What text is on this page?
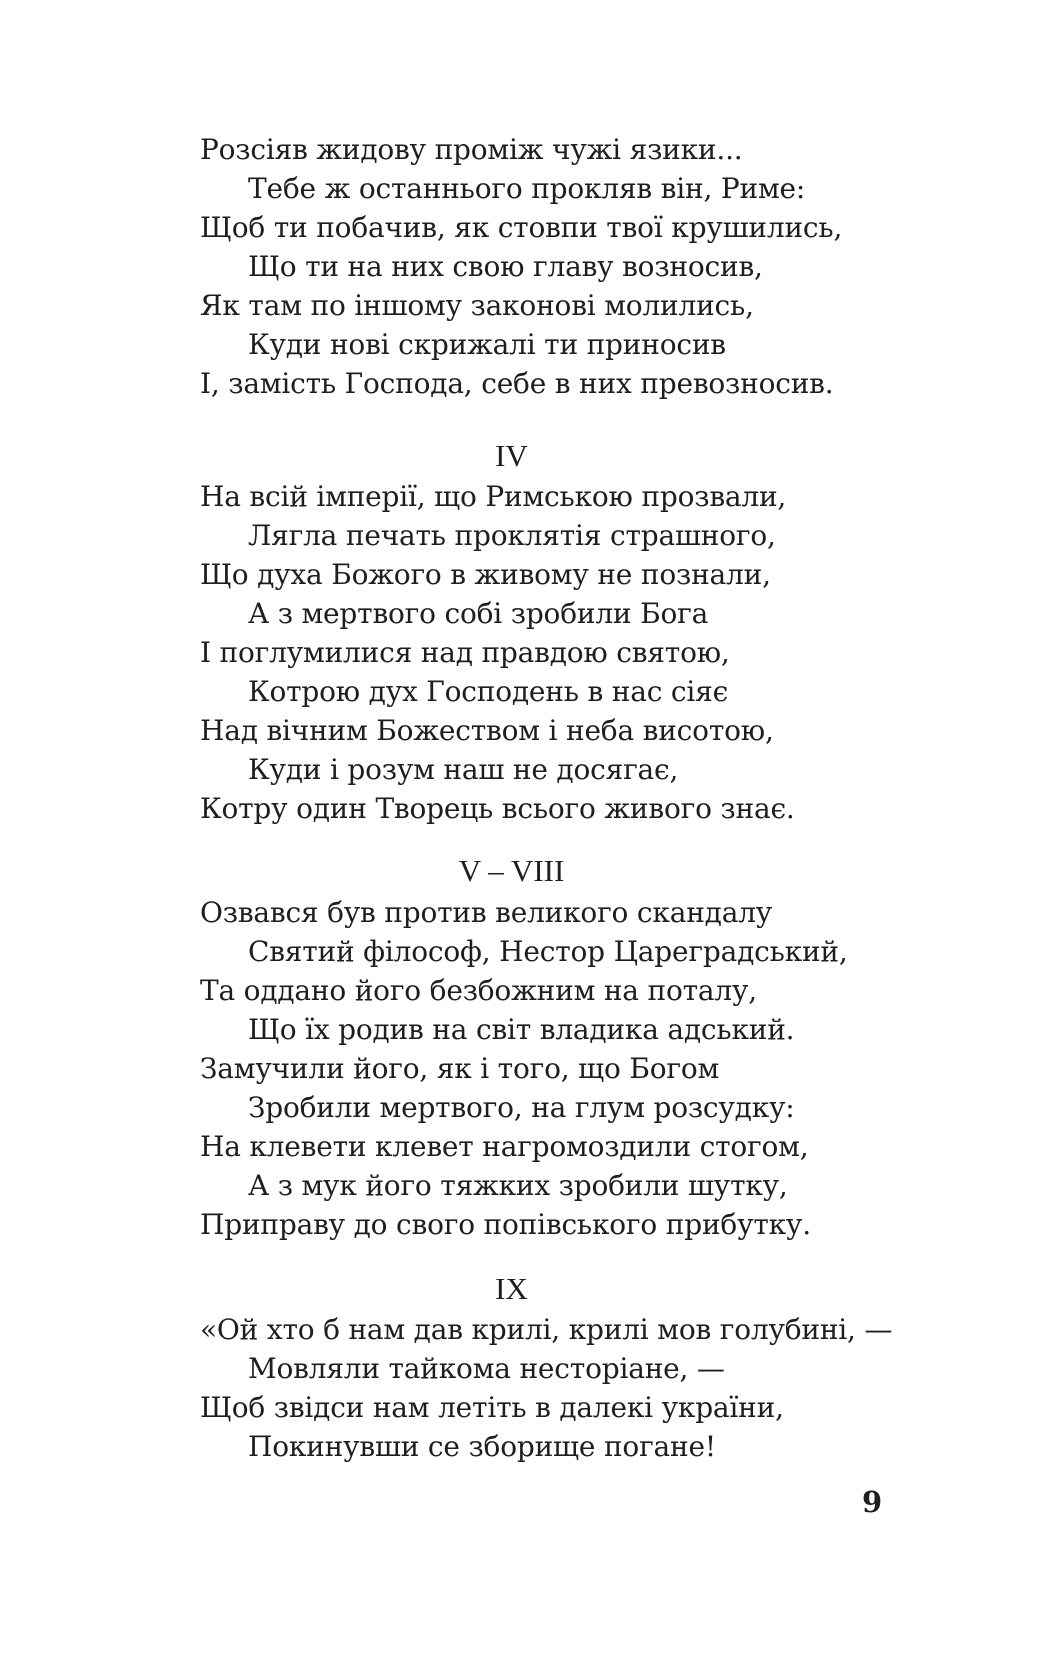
Розсіяв жидову проміж чужі язики...
Тебе ж останнього прокляв він, Риме:
Щоб ти побачив, як стовпи твої крушились,
Що ти на них свою главу возносив,
Як там по іншому законові молились,
Куди нові скрижалі ти приносив
І, замість Господа, себе в них превозносив.
IV
На всій імперії, що Римською прозвали,
Лягла печать проклятія страшного,
Що духа Божого в живому не познали,
А з мертвого собі зробили Бога
І поглумилися над правдою святою,
Котрою дух Господень в нас сіяє
Над вічним Божеством і неба висотою,
Куди і розум наш не досягає,
Котру один Творець всього живого знає.
V – VIII
Озвався був против великого скандалу
Святий філософ, Нестор Цареградський,
Та оддано його безбожним на поталу,
Що їх родив на світ владика адський.
Замучили його, як і того, що Богом
Зробили мертвого, на глум розсудку:
На клевети клевет нагромоздили стогом,
А з мук його тяжких зробили шутку,
Приправу до свого попівського прибутку.
IX
«Ой хто б нам дав крилі, крилі мов голубині, —
Мовляли тайкома несторіане, —
Щоб звідси нам летіть в далекі україни,
Покинувши се зборище погане!
9
